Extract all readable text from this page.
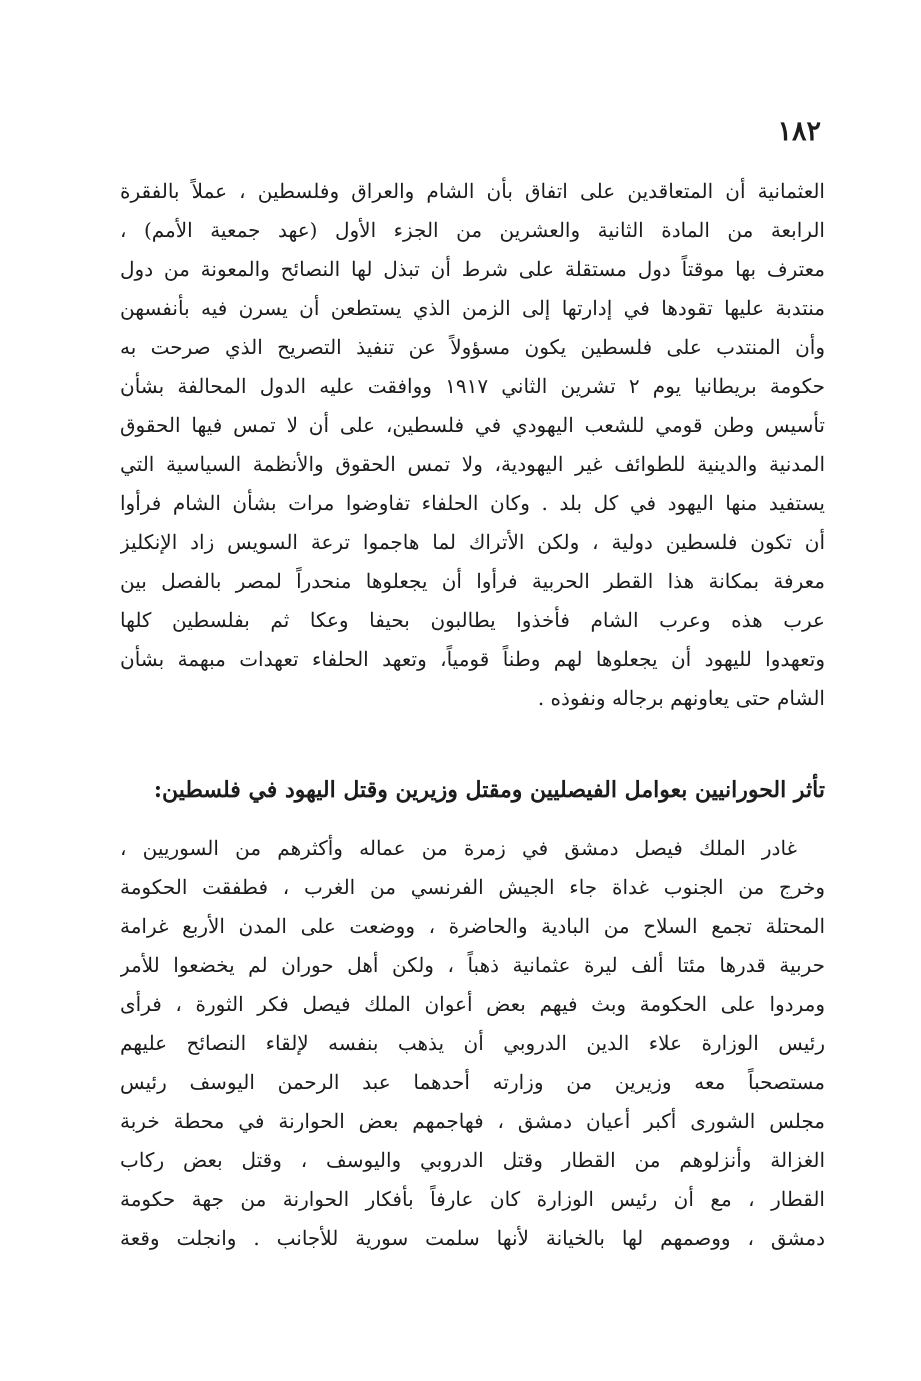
١٨٢

العثمانية أن المتعاقدين على اتفاق بأن الشام والعراق وفلسطين ، عملاً بالفقرة
الرابعة من المادة الثانية والعشرين من الجزء الأول (عهد جمعية الأمم) ،
معترف بها موقتاً دول مستقلة على شرط أن تبذل لها النصائح والمعونة من دول
منتدبة عليها تقودها في إدارتها إلى الزمن الذي يستطعن أن يسرن فيه بأنفسهن
وأن المنتدب على فلسطين يكون مسؤولاً عن تنفيذ التصريح الذي صرحت به
حكومة بريطانيا يوم ٢ تشرين الثاني ١٩١٧ ووافقت عليه الدول المحالفة بشأن
تأسيس وطن قومي للشعب اليهودي في فلسطين، على أن لا تمس فيها الحقوق
المدنية والدينية للطوائف غير اليهودية، ولا تمس الحقوق والأنظمة السياسية التي
يستفيد منها اليهود في كل بلد . وكان الحلفاء تفاوضوا مرات بشأن الشام فرأوا
أن تكون فلسطين دولية ، ولكن الأتراك لما هاجموا ترعة السويس زاد الإنكليز
معرفة بمكانة هذا القطر الحربية فرأوا أن يجعلوها منحدراً لمصر بالفصل بين
عرب هذه وعرب الشام فأخذوا يطالبون بحيفا وعكا ثم بفلسطين كلها
وتعهدوا لليهود أن يجعلوها لهم وطناً قومياً، وتعهد الحلفاء تعهدات مبهمة بشأن
الشام حتى يعاونهم برجاله ونفوذه .
تأثر الحورانيين بعوامل الفيصليين ومقتل وزيرين وقتل اليهود في فلسطين:
غادر الملك فيصل دمشق في زمرة من عماله وأكثرهم من السوريين ،
وخرج من الجنوب غداة جاء الجيش الفرنسي من الغرب ، فطفقت الحكومة
المحتلة تجمع السلاح من البادية والحاضرة ، ووضعت على المدن الأربع غرامة
حربية قدرها مئتا ألف ليرة عثمانية ذهباً ، ولكن أهل حوران لم يخضعوا للأمر
ومردوا على الحكومة وبث فيهم بعض أعوان الملك فيصل فكر الثورة ، فرأى
رئيس الوزارة علاء الدين الدروبي أن يذهب بنفسه لإلقاء النصائح عليهم
مستصحباً معه وزيرين من وزارته أحدهما عبد الرحمن اليوسف رئيس
مجلس الشورى أكبر أعيان دمشق ، فهاجمهم بعض الحوارنة في محطة خربة
الغزالة وأنزلوهم من القطار وقتل الدروبي واليوسف ، وقتل بعض ركاب
القطار ، مع أن رئيس الوزارة كان عارفاً بأفكار الحوارنة من جهة حكومة
دمشق ، ووصمهم لها بالخيانة لأنها سلمت سورية للأجانب . وانجلت وقعة
